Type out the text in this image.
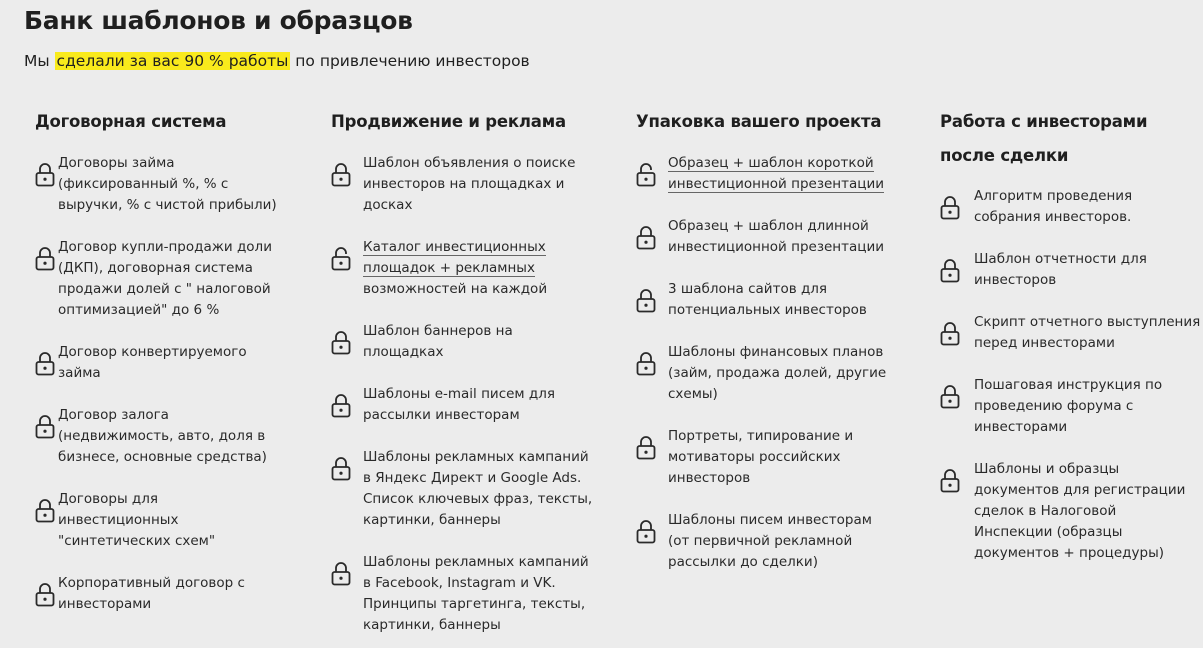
Банк шаблонов и образцов
Мы сделали за вас 90 % работы по привлечению инвесторов
Договорная система
Договоры займа
(фиксированный %, % с
выручки, % с чистой прибыли)
Договор купли-продажи доли
(ДКП), договорная система
продажи долей с " налоговой
оптимизацией" до 6 %
Договор конвертируемого
займа
Договор залога
(недвижимость, авто, доля в
бизнесе, основные средства)
Договоры для
инвестиционных
"синтетических схем"
Корпоративный договор с
инвесторами
Продвижение и реклама
Шаблон объявления о поиске
инвесторов на площадках и
досках
Каталог инвестиционных
площадок + рекламных
возможностей на каждой
Шаблон баннеров на
площадках
Шаблоны e-mail писем для
рассылки инвесторам
Шаблоны рекламных кампаний
в Яндекс Директ и Google Ads.
Список ключевых фраз, тексты,
картинки, баннеры
Шаблоны рекламных кампаний
в Facebook, Instagram и VK.
Принципы таргетинга, тексты,
картинки, баннеры
Упаковка вашего проекта
Образец + шаблон короткой
инвестиционной презентации
Образец + шаблон длинной
инвестиционной презентации
3 шаблона сайтов для
потенциальных инвесторов
Шаблоны финансовых планов
(займ, продажа долей, другие
схемы)
Портреты, типирование и
мотиваторы российских
инвесторов
Шаблоны писем инвесторам
(от первичной рекламной
рассылки до сделки)
Работа с инвесторами
после сделки
Алгоритм проведения
собрания инвесторов.
Шаблон отчетности для
инвесторов
Скрипт отчетного выступления
перед инвесторами
Пошаговая инструкция по
проведению форума с
инвесторами
Шаблоны и образцы
документов для регистрации
сделок в Налоговой
Инспекции (образцы
документов + процедуры)
